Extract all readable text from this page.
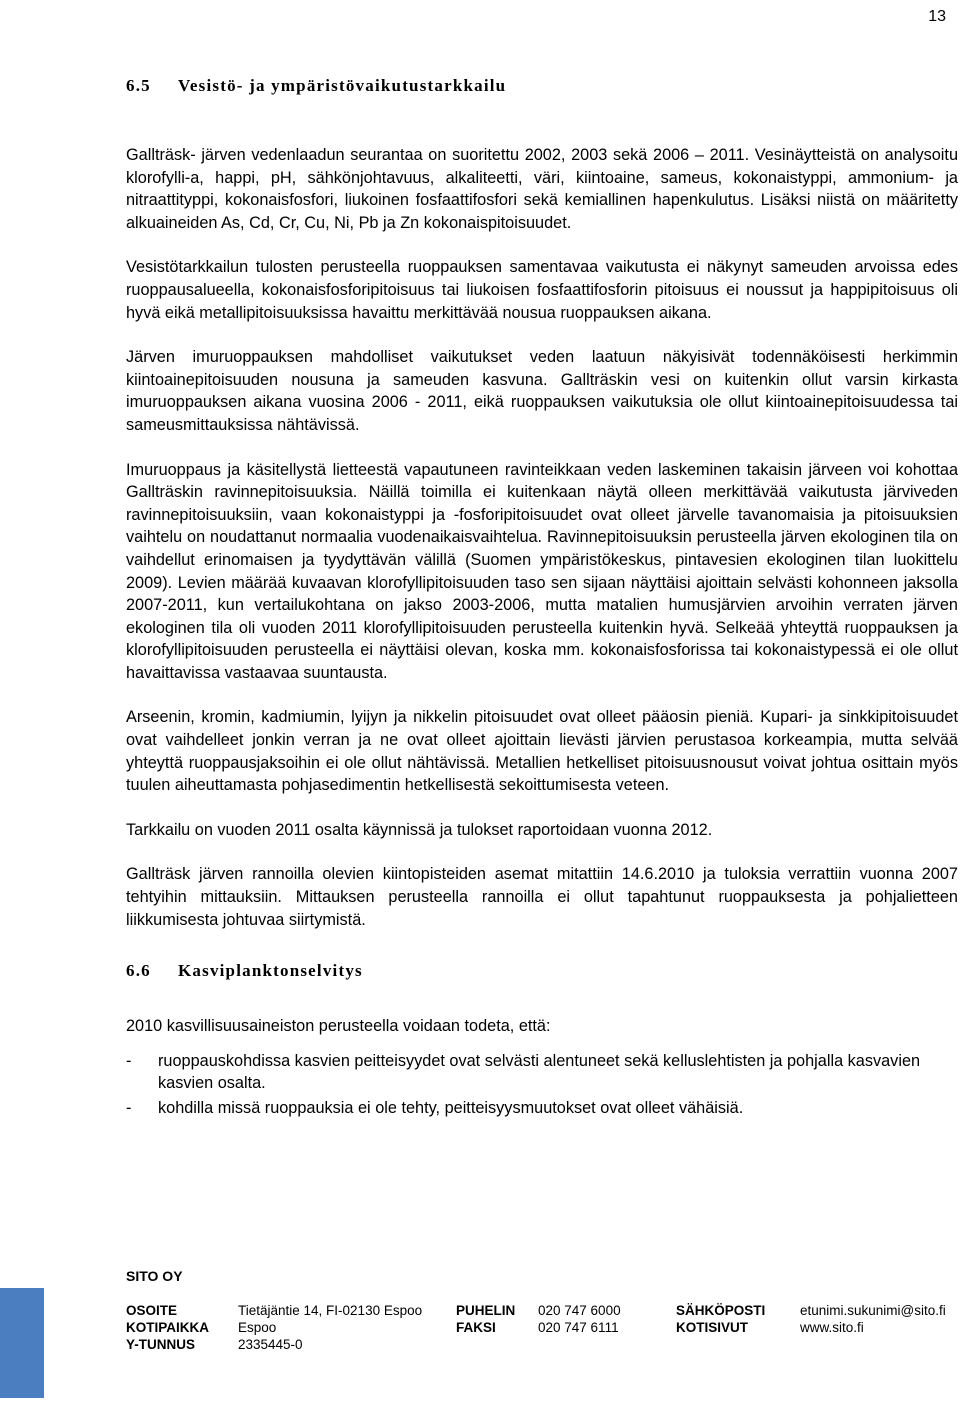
13
6.5 Vesistö- ja ympäristövaikutustarkkailu

Gallträsk- järven vedenlaadun seurantaa on suoritettu 2002, 2003 sekä 2006 – 2011. Vesinäytteistä on analysoitu klorofylli-a, happi, pH, sähkönjohtavuus, alkaliteetti, väri, kiintoaine, sameus, kokonaistyppi, ammonium- ja nitraattityppi, kokonaisfosfori, liukoinen fosfaattifosfori sekä kemiallinen hapenkulutus. Lisäksi niistä on määritetty alkuaineiden As, Cd, Cr, Cu, Ni, Pb ja Zn kokonaispitoisuudet.

Vesistötarkkailun tulosten perusteella ruoppauksen samentavaa vaikutusta ei näkynyt sameuden arvoissa edes ruoppausalueella, kokonaisfosforipitoisuus tai liukoisen fosfaattifosforin pitoisuus ei noussut ja happipitoisuus oli hyvä eikä metallipitoisuuksissa havaittu merkittävää nousua ruoppauksen aikana.

Järven imuruoppauksen mahdolliset vaikutukset veden laatuun näkyisivät todennäköisesti herkimmin kiintoainepitoisuuden nousuna ja sameuden kasvuna. Gallträskin vesi on kuitenkin ollut varsin kirkasta imuruoppauksen aikana vuosina 2006 - 2011, eikä ruoppauksen vaikutuksia ole ollut kiintoainepitoisuudessa tai sameusmittauksissa nähtävissä.

Imuruoppaus ja käsitellystä lietteestä vapautuneen ravinteikkaan veden laskeminen takaisin järveen voi kohottaa Gallträskin ravinnepitoisuuksia. Näillä toimilla ei kuitenkaan näytä olleen merkittävää vaikutusta järviveden ravinnepitoisuuksiin, vaan kokonaistyppi ja -fosforipitoisuudet ovat olleet järvelle tavanomaisia ja pitoisuuksien vaihtelu on noudattanut normaalia vuodenaikaisvaihtelua. Ravinnepitoisuuksin perusteella järven ekologinen tila on vaihdellut erinomaisen ja tyydyttävän välillä (Suomen ympäristökeskus, pintavesien ekologinen tilan luokittelu 2009). Levien määrää kuvaavan klorofyllipitoisuuden taso sen sijaan näyttäisi ajoittain selvästi kohonneen jaksolla 2007-2011, kun vertailukohtana on jakso 2003-2006, mutta matalien humusjärvien arvoihin verraten järven ekologinen tila oli vuoden 2011 klorofyllipitoisuuden perusteella kuitenkin hyvä. Selkeää yhteyttä ruoppauksen ja klorofyllipitoisuuden perusteella ei näyttäisi olevan, koska mm. kokonaisfosforissa tai kokonaistypessä ei ole ollut havaittavissa vastaavaa suuntausta.

Arseenin, kromin, kadmiumin, lyijyn ja nikkelin pitoisuudet ovat olleet pääosin pieniä. Kupari- ja sinkkipitoisuudet ovat vaihdelleet jonkin verran ja ne ovat olleet ajoittain lievästi järvien perustasoa korkeampia, mutta selvää yhteyttä ruoppausjaksoihin ei ole ollut nähtävissä. Metallien hetkelliset pitoisuusnousut voivat johtua osittain myös tuulen aiheuttamasta pohjasedimentin hetkellisestä sekoittumisesta veteen.

Tarkkailu on vuoden 2011 osalta käynnissä ja tulokset raportoidaan vuonna 2012.

Gallträsk järven rannoilla olevien kiintopisteiden asemat mitattiin 14.6.2010 ja tuloksia verrattiin vuonna 2007 tehtyihin mittauksiin. Mittauksen perusteella rannoilla ei ollut tapahtunut ruoppauksesta ja pohjalietteen liikkumisesta johtuvaa siirtymistä.

6.6 Kasviplanktonselvitys

2010 kasvillisuusaineiston perusteella voidaan todeta, että:

- ruoppauskohdissa kasvien peitteisyydet ovat selvästi alentuneet sekä kelluslehtisten ja pohjalla kasvavien kasvien osalta.
- kohdilla missä ruoppauksia ei ole tehty, peitteisyysmuutokset ovat olleet vähäisiä.
SITO OY
OSOITE	Tietäjäntie 14, FI-02130 Espoo	PUHELIN 020 747 6000	SÄHKÖPOSTI	etunimi.sukunimi@sito.fi
KOTIPAIKKA Espoo	FAKSI	020 747 6111	KOTISIVUT	www.sito.fi
Y-TUNNUS	2335445-0
